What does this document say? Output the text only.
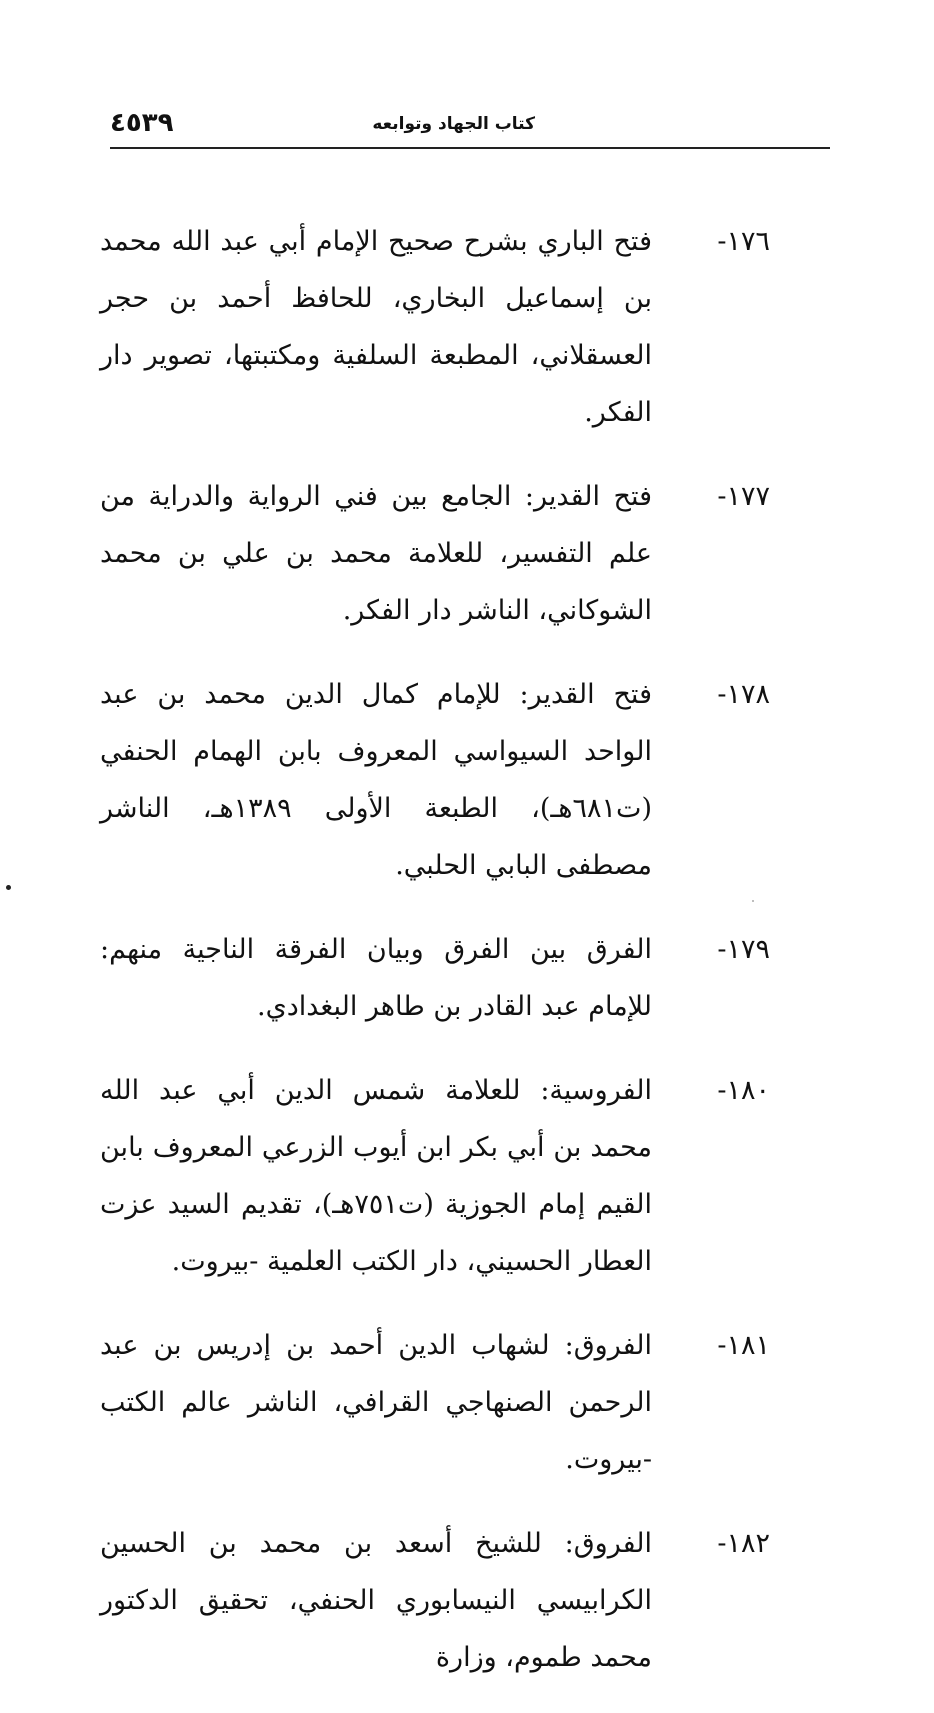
كتاب الجهاد وتوابعه
٤٥٣٩
١٧٦-

فتح الباري بشرح صحيح الإمام أبي عبد الله محمد بن إسماعيل البخاري، للحافظ أحمد بن حجر العسقلاني، المطبعة السلفية ومكتبتها، تصوير دار الفكر.

١٧٧-

فتح القدير: الجامع بين فني الرواية والدراية من علم التفسير، للعلامة محمد بن علي بن محمد الشوكاني، الناشر دار الفكر.

١٧٨-

فتح القدير: للإمام كمال الدين محمد بن عبد الواحد السيواسي المعروف بابن الهمام الحنفي (ت٦٨١هـ)، الطبعة الأولى ١٣٨٩هـ، الناشر مصطفى البابي الحلبي.

١٧٩-

الفرق بين الفرق وبيان الفرقة الناجية منهم: للإمام عبد القادر بن طاهر البغدادي.

١٨٠-

الفروسية: للعلامة شمس الدين أبي عبد الله محمد بن أبي بكر ابن أيوب الزرعي المعروف بابن القيم إمام الجوزية (ت٧٥١هـ)، تقديم السيد عزت العطار الحسيني، دار الكتب العلمية -بيروت.

١٨١-

الفروق: لشهاب الدين أحمد بن إدريس بن عبد الرحمن الصنهاجي القرافي، الناشر عالم الكتب -بيروت.

١٨٢-

الفروق: للشيخ أسعد بن محمد بن الحسين الكرابيسي النيسابوري الحنفي، تحقيق الدكتور محمد طموم، وزارة
